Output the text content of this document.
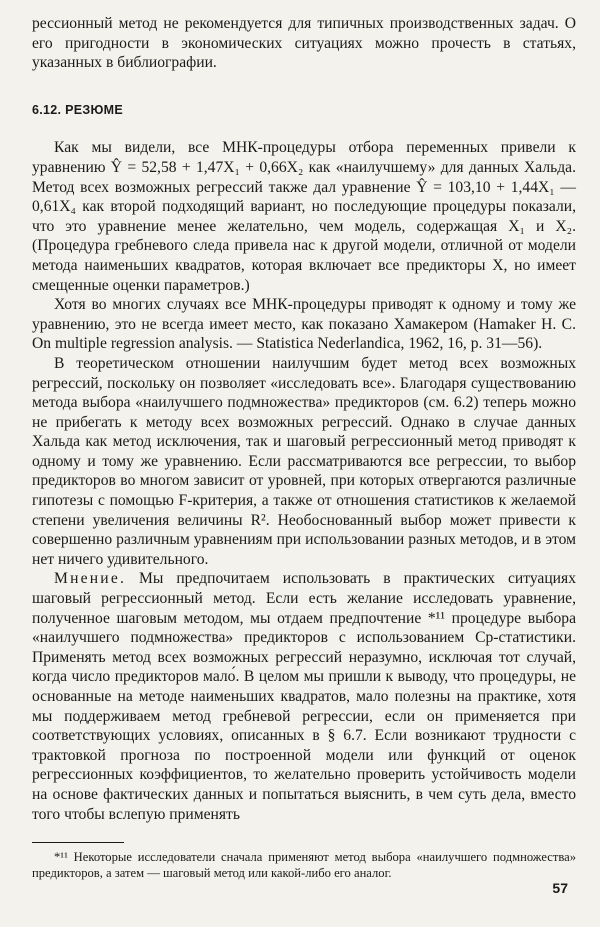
рессионный метод не рекомендуется для типичных производственных задач. О его пригодности в экономических ситуациях можно прочесть в статьях, указанных в библиографии.

6.12. РЕЗЮМЕ

Как мы видели, все МНК-процедуры отбора переменных привели к уравнению Ŷ = 52,58 + 1,47X₁ + 0,66X₂ как «наилучшему» для данных Хальда. Метод всех возможных регрессий также дал уравнение Ŷ = 103,10 + 1,44X₁ — 0,61X₄ как второй подходящий вариант, но последующие процедуры показали, что это уравнение менее желательно, чем модель, содержащая X₁ и X₂. (Процедура гребневого следа привела нас к другой модели, отличной от модели метода наименьших квадратов, которая включает все предикторы X, но имеет смещенные оценки параметров.)

Хотя во многих случаях все МНК-процедуры приводят к одному и тому же уравнению, это не всегда имеет место, как показано Хамакером (Hamaker H. C. On multiple regression analysis. — Statistica Nederlandica, 1962, 16, p. 31—56).

В теоретическом отношении наилучшим будет метод всех возможных регрессий, поскольку он позволяет «исследовать все». Благодаря существованию метода выбора «наилучшего подмножества» предикторов (см. 6.2) теперь можно не прибегать к методу всех возможных регрессий. Однако в случае данных Хальда как метод исключения, так и шаговый регрессионный метод приводят к одному и тому же уравнению. Если рассматриваются все регрессии, то выбор предикторов во многом зависит от уровней, при которых отвергаются различные гипотезы с помощью F-критерия, а также от отношения статистиков к желаемой степени увеличения величины R². Необоснованный выбор может привести к совершенно различным уравнениям при использовании разных методов, и в этом нет ничего удивительного.

Мнение. Мы предпочитаем использовать в практических ситуациях шаговый регрессионный метод. Если есть желание исследовать уравнение, полученное шаговым методом, мы отдаем предпочтение *¹¹ процедуре выбора «наилучшего подмножества» предикторов с использованием Cp-статистики. Применять метод всех возможных регрессий неразумно, исключая тот случай, когда число предикторов мало́. В целом мы пришли к выводу, что процедуры, не основанные на методе наименьших квадратов, мало полезны на практике, хотя мы поддерживаем метод гребневой регрессии, если он применяется при соответствующих условиях, описанных в § 6.7. Если возникают трудности с трактовкой прогноза по построенной модели или функций от оценок регрессионных коэффициентов, то желательно проверить устойчивость модели на основе фактических данных и попытаться выяснить, в чем суть дела, вместо того чтобы вслепую применять

*¹¹ Некоторые исследователи сначала применяют метод выбора «наилучшего подмножества» предикторов, а затем — шаговый метод или какой-либо его аналог.

57
